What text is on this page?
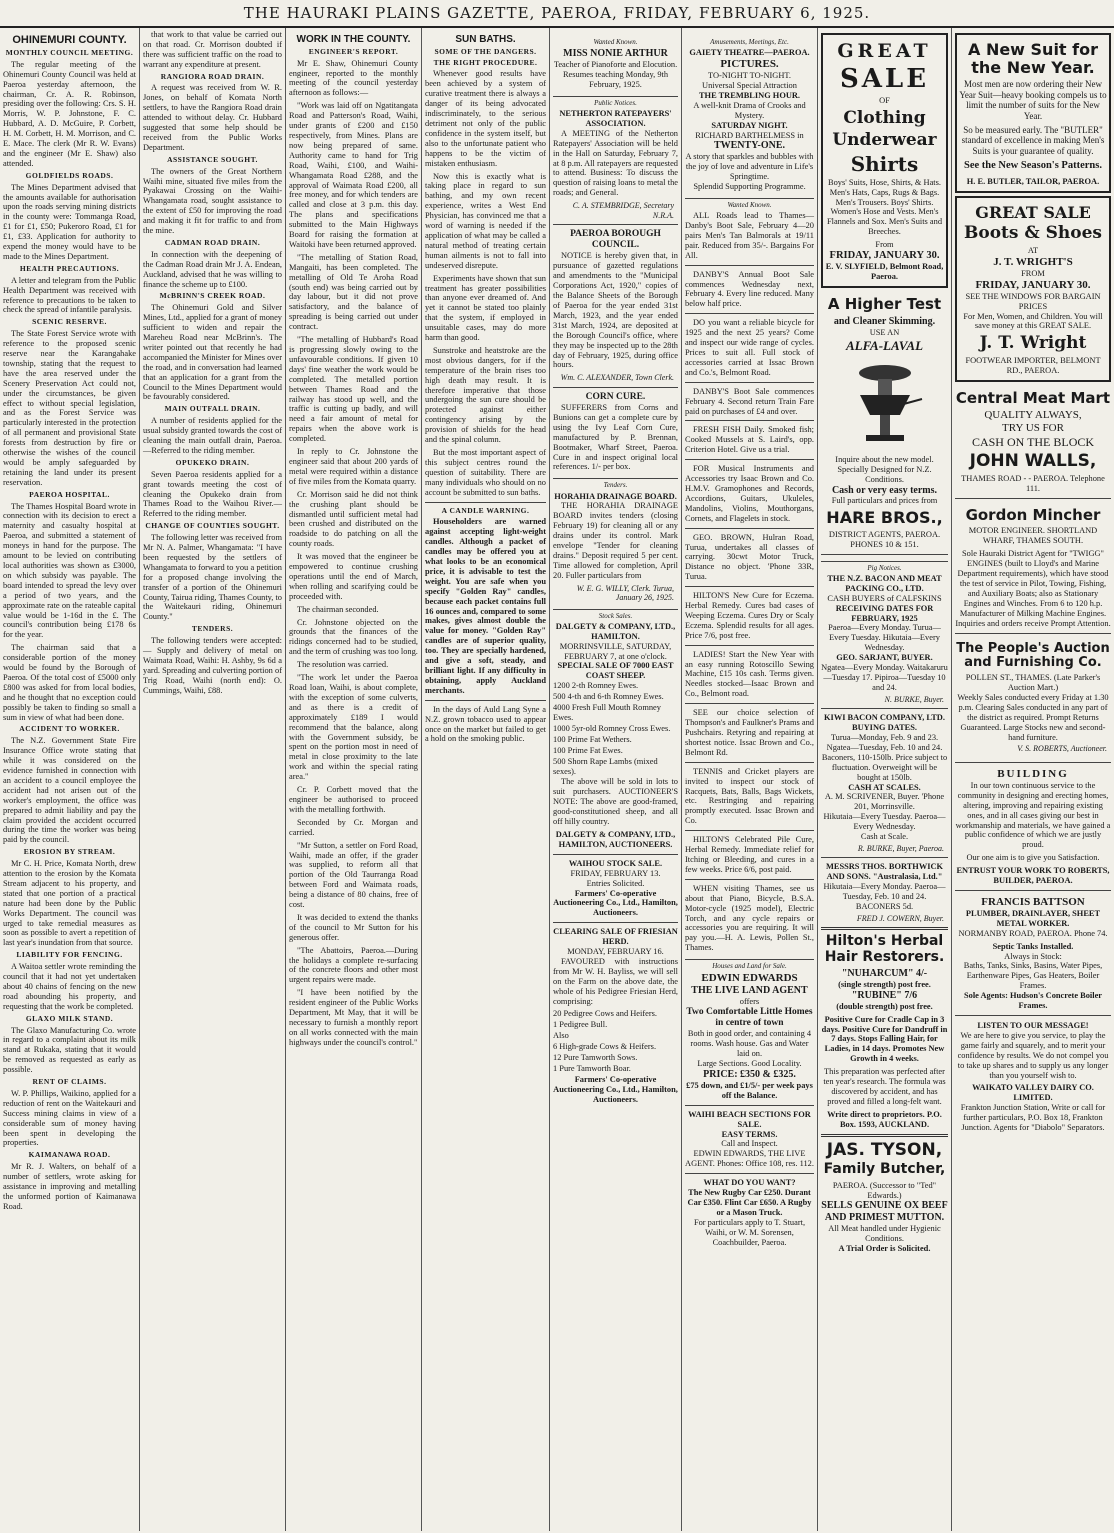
THE HAURAKI PLAINS GAZETTE, PAEROA, FRIDAY, FEBRUARY 6, 1925.
OHINEMURI COUNTY.
MONTHLY COUNCIL MEETING.

The regular meeting of the Ohinemuri County Council was held at Paeroa yesterday afternoon, the chairman, Cr. A. R. Robinson, presiding over the following: Crs. S. H. Morris, W. P. Johnstone, F. C. Hubbard, A. D. McGuire, P. Corbett, H. M. Corbett, H. M. Morrison, and C. E. Mace. The clerk (Mr R. W. Evans) and the engineer (Mr E. Shaw) also attended.

GOLDFIELDS ROADS.

The Mines Department advised that the amounts available for authorisation upon the roads serving mining districts in the county were: Tommanga Road, £1 for £1, £50; Pukeroro Road, £1 for £1, £33. Application for authority to expend the money would have to be made to the Mines Department.

HEALTH PRECAUTIONS.

A letter and telegram from the Public Health Department was received with reference to precautions to be taken to check the spread of infantile paralysis.

SCENIC RESERVE.

The State Forest Service wrote with reference to the proposed scenic reserve near the Karangahake township, stating that the request to have the area reserved under the Scenery Preservation Act could not, under the circumstances, be given effect to without special legislation, and as the Forest Service was particularly interested in the protection of all permanent and provisional State forests from destruction by fire or otherwise the wishes of the council would be amply safeguarded by retaining the land under its present reservation.

PAEROA HOSPITAL.

The Thames Hospital Board wrote in connection with its decision to erect a maternity and casualty hospital at Paeroa, and submitted a statement of moneys in hand for the purpose. The amount to be levied on contributing local authorities was shown as £3000, on which subsidy was payable. The board intended to spread the levy over a period of two years, and the approximate rate on the rateable capital value would be 1-16d in the £. The council's contribution being £178 6s for the year.

The chairman said that a considerable portion of the money would be found by the Borough of Paeroa. Of the total cost of £5000 only £800 was asked for from local bodies, and he thought that no exception could possibly be taken to finding so small a sum in view of what had been done.

ACCIDENT TO WORKER.

The N.Z. Government State Fire Insurance Office wrote stating that while it was considered on the evidence furnished in connection with an accident to a council employee the accident had not arisen out of the worker's employment, the office was prepared to admit liability and pay the claim provided the accident occurred during the time the worker was being paid by the council.

EROSION BY STREAM.

Mr C. H. Price, Komata North, drew attention to the erosion by the Komata Stream adjacent to his property, and stated that one portion of a practical nature had been done by the Public Works Department. The council was urged to take remedial measures as soon as possible to avert a repetition of last year's inundation from that source.

LIABILITY FOR FENCING.

A Waitoa settler wrote reminding the council that it had not yet undertaken about 40 chains of fencing on the new road abounding his property, and requesting that the work be completed.

GLAXO MILK STAND.

The Glaxo Manufacturing Co. wrote in regard to a complaint about its milk stand at Rukaka, stating that it would be removed as requested as early as possible.

RENT OF CLAIMS.

W. P. Phillips, Waikino, applied for a reduction of rent on the Waitekauri and Success mining claims in view of a considerable sum of money having been spent in developing the properties.

KAIMANAWA ROAD.

Mr R. J. Walters, on behalf of a number of settlers, wrote asking for assistance in improving and metalling the unformed portion of Kaimanawa Road.

that work to that value be carried out on that road. Cr. Morrison doubted if there was sufficient traffic on the road to warrant any expenditure at present.

RANGIORA ROAD DRAIN.

A request was received from W. R. Jones, on behalf of Komata North settlers, to have the Rangiora Road drain attended to without delay. Cr. Hubbard suggested that some help should be received from the Public Works Department.

ASSISTANCE SOUGHT.

The owners of the Great Northern Waihi mine, situated five miles from the Pyakawai Crossing on the Waihi-Whangamata road, sought assistance to the extent of £50 for improving the road and making it fit for traffic to and from the mine.

CADMAN ROAD DRAIN.

In connection with the deepening of the Cadman Road drain Mr J. A. Endean, Auckland, advised that he was willing to finance the scheme up to £100.

McBRINN'S CREEK ROAD.

The Ohinemuri Gold and Silver Mines, Ltd., applied for a grant of money sufficient to widen and repair the Mareheu Road near McBrinn's. The writer pointed out that recently he had accompanied the Minister for Mines over the road, and in conversation had learned that an application for a grant from the Council to the Mines Department would be favourably considered.

MAIN OUTFALL DRAIN.

A number of residents applied for the usual subsidy granted towards the cost of cleaning the main outfall drain, Paeroa.—Referred to the riding member.

OPUKEKO DRAIN.

Seven Paeroa residents applied for a grant towards meeting the cost of cleaning the Opukeko drain from Thames Road to the Waihou River.—Referred to the riding member.

CHANGE OF COUNTIES SOUGHT.

The following letter was received from Mr N. A. Palmer, Whangamata: "I have been requested by the settlers of Whangamata to forward to you a petition for a proposed change involving the transfer of a portion of the Ohinemuri County, Tairua riding, Thames County, to the Waitekauri riding, Ohinemuri County."

TENDERS.

The following tenders were accepted:— Supply and delivery of metal on Waimata Road, Waihi: H. Ashby, 9s 6d a yard. Spreading and culverting portion of Trig Road, Waihi (north end): O. Cummings, Waihi, £88.

WORK IN THE COUNTY.
ENGINEER'S REPORT.

Mr E. Shaw, Ohinemuri County engineer, reported to the monthly meeting of the council yesterday afternoon as follows:—

"Work was laid off on Ngatitangata Road and Patterson's Road, Waihi, under grants of £200 and £150 respectively, from Mines. Plans are now being prepared of same. Authority came to hand for Trig Road, Waihi, £100, and Waihi-Whangamata Road £288, and the approval of Waimata Road £200, all free money, and for which tenders are called and close at 3 p.m. this day. The plans and specifications submitted to the Main Highways Board for raising the formation at Waitoki have been returned approved.

"The metalling of Station Road, Mangaiti, has been completed. The metalling of Old Te Aroha Road (south end) was being carried out by day labour, but it did not prove satisfactory, and the balance of spreading is being carried out under contract.

"The metalling of Hubbard's Road is progressing slowly owing to the unfavourable conditions. If given 10 days' fine weather the work would be completed. The metalled portion between Thames Road and the railway has stood up well, and the traffic is cutting up badly, and will need a fair amount of metal for repairs when the above work is completed.

In reply to Cr. Johnstone the engineer said that about 200 yards of metal were required within a distance of five miles from the Komata quarry.

Cr. Morrison said he did not think the crushing plant should be dismantled until sufficient metal had been crushed and distributed on the roadside to do patching on all the county roads.

It was moved that the engineer be empowered to continue crushing operations until the end of March, when rolling and scarifying could be proceeded with.

The chairman seconded.

Cr. Johnstone objected on the grounds that the finances of the ridings concerned had to be studied, and the term of crushing was too long.

The resolution was carried.

"The work let under the Paeroa Road loan, Waihi, is about complete, with the exception of some culverts, and as there is a credit of approximately £189 I would recommend that the balance, along with the Government subsidy, be spent on the portion most in need of metal in close proximity to the late work and within the special rating area."

Cr. P. Corbett moved that the engineer be authorised to proceed with the metalling forthwith.

Seconded by Cr. Morgan and carried.

"Mr Sutton, a settler on Ford Road, Waihi, made an offer, if the grader was supplied, to reform all that portion of the Old Taurranga Road between Ford and Waimata roads, being a distance of 80 chains, free of cost.

It was decided to extend the thanks of the council to Mr Sutton for his generous offer.

"The Abattoirs, Paeroa.—During the holidays a complete re-surfacing of the concrete floors and other most urgent repairs were made.

"I have been notified by the resident engineer of the Public Works Department, Mt May, that it will be necessary to furnish a monthly report on all works connected with the main highways under the council's control."

SUN BATHS.
SOME OF THE DANGERS.
THE RIGHT PROCEDURE.

Whenever good results have been achieved by a system of curative treatment there is always a danger of its being advocated indiscriminately, to the serious detriment not only of the public confidence in the system itself, but also to the unfortunate patient who happens to be the victim of mistaken enthusiasm.

Now this is exactly what is taking place in regard to sun bathing, and my own recent experience, writes a West End Physician, has convinced me that a word of warning is needed if the application of what may be called a natural method of treating certain human ailments is not to fall into undeserved disrepute.

Experiments have shown that sun treatment has greater possibilities than anyone ever dreamed of. And yet it cannot be stated too plainly that the system, if employed in unsuitable cases, may do more harm than good.

Sunstroke and heatstroke are the most obvious dangers, for if the temperature of the brain rises too high death may result. It is therefore imperative that those undergoing the sun cure should be protected against either contingency arising by the provision of shields for the head and the spinal column.

But the most important aspect of this subject centres round the question of suitability. There are many individuals who should on no account be submitted to sun baths.

A CANDLE WARNING.

Householders are warned against accepting light-weight candles. Although a packet of candles may be offered you at what looks to be an economical price, it is advisable to test the weight. You are safe when you specify "Golden Ray" candles, because each packet contains full 16 ounces and, compared to some makes, gives almost double the value for money. "Golden Ray" candles are of superior quality, too. They are specially hardened, and give a soft, steady, and brilliant light. If any difficulty in obtaining, apply Auckland merchants.

In the days of Auld Lang Syne a N.Z. grown tobacco used to appear once on the market but failed to get a hold on the smoking public.

Wanted Known.
MISS NONIE ARTHUR
Teacher of Pianoforte and Elocution. Resumes teaching Monday, 9th February, 1925.
Public Notices.
NETHERTON RATEPAYERS' ASSOCIATION.

A MEETING of the Netherton Ratepayers' Association will be held in the Hall on Saturday, February 7, at 8 p.m. All ratepayers are requested to attend. Business: To discuss the question of raising loans to metal the roads; and General.

C. A. STEMBRIDGE, Secretary N.R.A.
PAEROA BOROUGH COUNCIL.

NOTICE is hereby given that, in pursuance of gazetted regulations and amendments to the "Municipal Corporations Act, 1920," copies of the Balance Sheets of the Borough of Paeroa for the year ended 31st March, 1923, and the year ended 31st March, 1924, are deposited at the Borough Council's office, where they may be inspected up to the 28th day of February, 1925, during office hours.

Wm. C. ALEXANDER, Town Clerk.
CORN CURE.

SUFFERERS from Corns and Bunions can get a complete cure by using the Ivy Leaf Corn Cure, manufactured by P. Brennan, Bootmaker, Wharf Street, Paeroa. Cure in and inspect original local references. 1/- per box.

Tenders.
HORAHIA DRAINAGE BOARD.

THE HORAHIA DRAINAGE BOARD invites tenders (closing February 19) for cleaning all or any drains under its control. Mark envelope "Tender for cleaning drains." Deposit required 5 per cent. Time allowed for completion, April 20. Fuller particulars from

W. E. G. WILLY, Clerk. Turua, January 26, 1925.
Stock Sales.
DALGETY & COMPANY, LTD., HAMILTON.
MORRINSVILLE, SATURDAY, FEBRUARY 7, at one o'clock.
SPECIAL SALE OF 7000 EAST COAST SHEEP.
1200 2-th Romney Ewes.
500 4-th and 6-th Romney Ewes.
4000 Fresh Full Mouth Romney Ewes.
1000 5yr-old Romney Cross Ewes.
100 Prime Fat Wethers.
100 Prime Fat Ewes.
500 Shorn Rape Lambs (mixed sexes).

The above will be sold in lots to suit purchasers. AUCTIONEER'S NOTE: The above are good-framed, good-constitutioned sheep, and all off hilly country.

DALGETY & COMPANY, LTD., HAMILTON, AUCTIONEERS.
WAIHOU STOCK SALE.
FRIDAY, FEBRUARY 13.
Entries Solicited.
Farmers' Co-operative Auctioneering Co., Ltd., Hamilton, Auctioneers.
CLEARING SALE OF FRIESIAN HERD.
MONDAY, FEBRUARY 16.

FAVOURED with instructions from Mr W. H. Bayliss, we will sell on the Farm on the above date, the whole of his Pedigree Friesian Herd, comprising:

20 Pedigree Cows and Heifers.
1 Pedigree Bull.
Also
6 High-grade Cows & Heifers.
12 Pure Tamworth Sows.
1 Pure Tamworth Boar.
Farmers' Co-operative Auctioneering Co., Ltd., Hamilton, Auctioneers.
Amusements, Meetings, Etc.
GAIETY THEATRE—PAEROA.
PICTURES.
TO-NIGHT TO-NIGHT.
Universal Special Attraction
THE TREMBLING HOUR.
A well-knit Drama of Crooks and Mystery.
SATURDAY NIGHT.
RICHARD BARTHELMESS in
TWENTY-ONE.
A story that sparkles and bubbles with the joy of love and adventure in Life's Springtime.
Splendid Supporting Programme.
Wanted Known.

ALL Roads lead to Thames—Danby's Boot Sale, February 4—20 pairs Men's Tan Balmorals at 19/11 pair. Reduced from 35/-. Bargains For All.

DANBY'S Annual Boot Sale commences Wednesday next, February 4. Every line reduced. Many below half price.

DO you want a reliable bicycle for 1925 and the next 25 years? Come and inspect our wide range of cycles. Prices to suit all. Full stock of accessories carried at Issac Brown and Co.'s, Belmont Road.

DANBY'S Boot Sale commences February 4. Second return Train Fare paid on purchases of £4 and over.

FRESH FISH Daily. Smoked fish; Cooked Mussels at S. Laird's, opp. Criterion Hotel. Give us a trial.

FOR Musical Instruments and Accessories try Isaac Brown and Co. H.M.V. Gramophones and Records, Accordions, Guitars, Ukuleles, Mandolins, Violins, Mouthorgans, Cornets, and Flagelets in stock.

GEO. BROWN, Hulran Road, Turua, undertakes all classes of carrying. 30cwt Motor Truck, Distance no object. 'Phone 33R, Turua.

HILTON'S New Cure for Eczema. Herbal Remedy. Cures bad cases of Weeping Eczema. Cures Dry or Scaly Eczema. Splendid results for all ages. Price 7/6, post free.

LADIES! Start the New Year with an easy running Rotoscillo Sewing Machine, £15 10s cash. Terms given. Needles stocked—Isaac Brown and Co., Belmont road.

SEE our choice selection of Thompson's and Faulkner's Prams and Pushchairs. Retyring and repairing at shortest notice. Issac Brown and Co., Belmont Rd.

TENNIS and Cricket players are invited to inspect our stock of Racquets, Bats, Balls, Bags Wickets, etc. Restringing and repairing promptly executed. Issac Brown and Co.

HILTON'S Celebrated Pile Cure, Herbal Remedy. Immediate relief for Itching or Bleeding, and cures in a few weeks. Price 6/6, post paid.

WHEN visiting Thames, see us about that Piano, Bicycle, B.S.A. Motor-cycle (1925 model), Electric Torch, and any cycle repairs or accessories you are requiring. It will pay you.—H. A. Lewis, Pollen St., Thames.

Houses and Land for Sale.
EDWIN EDWARDS
THE LIVE LAND AGENT
offers
Two Comfortable Little Homes in centre of town
Both in good order, and containing 4 rooms. Wash house. Gas and Water laid on.
Large Sections. Good Locality.
PRICE: £350 & £325.
£75 down, and £1/5/- per week pays off the Balance.
WAIHI BEACH SECTIONS FOR SALE.
EASY TERMS.
Call and Inspect.
EDWIN EDWARDS, THE LIVE AGENT. Phones: Office 108, res. 112.
WHAT DO YOU WANT?
The New Rugby Car £250. Durant Car £350. Flint Car £650. A Rugby or a Mason Truck.
For particulars apply to T. Stuart, Waihi, or W. M. Sorensen, Coachbuilder, Paeroa.
GREAT
SALE
OF
Clothing
Underwear
Shirts
Boys' Suits, Hose, Shirts, & Hats. Men's Hats, Caps, Rugs & Bags. Men's Trousers. Boys' Shirts. Women's Hose and Vests. Men's Flannels and Sox. Men's Suits and Breeches.
From
FRIDAY, JANUARY 30.
E. V. SLYFIELD, Belmont Road, Paeroa.
A Higher Test
and Cleaner Skimming.
USE AN
ALFA-LAVAL
Inquire about the new model. Specially Designed for N.Z. Conditions.
Cash or very easy terms.
Full particulars and prices from
HARE BROS.,
DISTRICT AGENTS, PAEROA. PHONES 10 & 151.
Pig Notices.
THE N.Z. BACON AND MEAT PACKING CO., LTD.
CASH BUYERS of CALFSKINS
RECEIVING DATES FOR FEBRUARY, 1925
Paeroa—Every Monday. Turua—Every Tuesday. Hikutaia—Every Wednesday.
GEO. SARJANT, BUYER.
Ngatea—Every Monday. Waitakaruru—Tuesday 17. Pipiroa—Tuesday 10 and 24.
N. BURKE, Buyer.
KIWI BACON COMPANY, LTD.
BUYING DATES.
Turua—Monday, Feb. 9 and 23. Ngatea—Tuesday, Feb. 10 and 24.
Baconers, 110-150lb. Price subject to fluctuation. Overweight will be bought at 150lb.
CASH AT SCALES.
A. M. SCRIVENER, Buyer. 'Phone 201, Morrinsville.
Hikutaia—Every Tuesday. Paeroa—Every Wednesday.
Cash at Scale.
R. BURKE, Buyer, Paeroa.
MESSRS THOS. BORTHWICK AND SONS. "Australasia, Ltd."
Hikutaia—Every Monday. Paeroa—Tuesday, Feb. 10 and 24. BACONERS 5d.
FRED J. COWERN, Buyer.
Hilton's Herbal Hair Restorers.
"NUHARCUM" 4/-
(single strength) post free.
"RUBINE" 7/6
(double strength) post free.
Positive Cure for Cradle Cap in 3 days. Positive Cure for Dandruff in 7 days. Stops Falling Hair, for Ladies, in 14 days. Promotes New Growth in 4 weeks.
This preparation was perfected after ten year's research. The formula was discovered by accident, and has proved and filled a long-felt want.
Write direct to proprietors. P.O. Box. 1593, AUCKLAND.
JAS. TYSON,
Family Butcher,
PAEROA. (Successor to "Ted" Edwards.)
SELLS GENUINE OX BEEF AND PRIMEST MUTTON.
All Meat handled under Hygienic Conditions.
A Trial Order is Solicited.
A New Suit for the New Year.
Most men are now ordering their New Year Suit—heavy booking compels us to limit the number of suits for the New Year.
So be measured early. The "BUTLER" standard of excellence in making Men's Suits is your guarantee of quality.
See the New Season's Patterns.
H. E. BUTLER, TAILOR, PAEROA.
GREAT SALE
Boots & Shoes
AT
J. T. WRIGHT'S
FROM
FRIDAY, JANUARY 30.
SEE THE WINDOWS FOR BARGAIN PRICES
For Men, Women, and Children. You will save money at this GREAT SALE.
J. T. Wright
FOOTWEAR IMPORTER, BELMONT RD., PAEROA.
Central Meat Mart
QUALITY ALWAYS,
TRY US FOR
CASH ON THE BLOCK
JOHN WALLS,
THAMES ROAD - - PAEROA. Telephone 111.
Gordon Mincher
MOTOR ENGINEER. SHORTLAND WHARF, THAMES SOUTH.
Sole Hauraki District Agent for "TWIGG" ENGINES (built to Lloyd's and Marine Department requirements), which have stood the test of service in Pilot, Towing, Fishing, and Auxiliary Boats; also as Stationary Engines and Winches. From 6 to 120 h.p.
Manufacturer of Milking Machine Engines.
Inquiries and orders receive Prompt Attention.
The People's Auction and Furnishing Co.
POLLEN ST., THAMES. (Late Parker's Auction Mart.)
Weekly Sales conducted every Friday at 1.30 p.m. Clearing Sales conducted in any part of the district as required. Prompt Returns Guaranteed. Large Stocks new and second-hand furniture.
V. S. ROBERTS, Auctioneer.
BUILDING
In our town continuous service to the community in designing and erecting homes, altering, improving and repairing existing ones, and in all cases giving our best in workmanship and materials, we have gained a public confidence of which we are justly proud.
Our one aim is to give you Satisfaction.
ENTRUST YOUR WORK TO ROBERTS, BUILDER, PAEROA.
FRANCIS BATTSON
PLUMBER, DRAINLAYER, SHEET METAL WORKER.
NORMANBY ROAD, PAEROA. Phone 74.
Septic Tanks Installed.
Always in Stock:
Baths, Tanks, Sinks, Basins, Water Pipes, Earthenware Pipes, Gas Heaters, Boiler Frames.
Sole Agents: Hudson's Concrete Boiler Frames.
LISTEN TO OUR MESSAGE!
We are here to give you service, to play the game fairly and squarely, and to merit your confidence by results. We do not compel you to take up shares and to supply us any longer than you yourself wish to.
WAIKATO VALLEY DAIRY CO. LIMITED.
Frankton Junction Station, Write or call for further particulars, P.O. Box 18, Frankton Junction. Agents for "Diabolo" Separators.
